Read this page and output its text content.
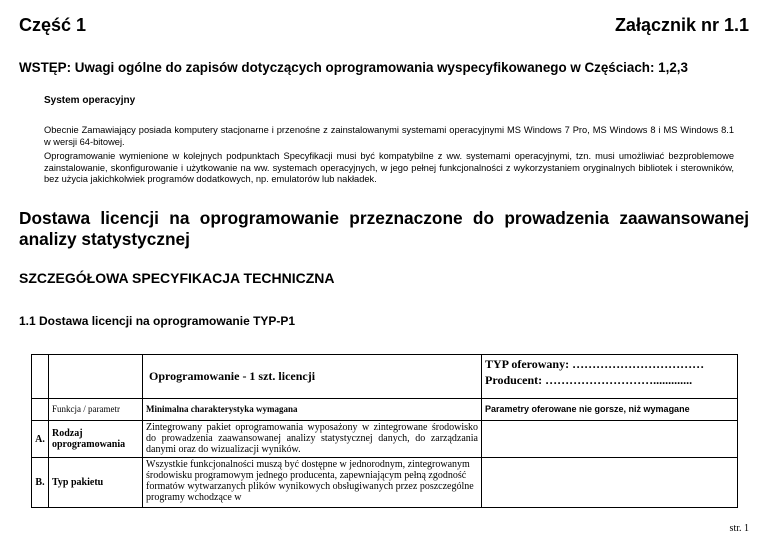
Część 1	Załącznik nr 1.1
WSTĘP: Uwagi ogólne do zapisów dotyczących oprogramowania wyspecyfikowanego w Częściach: 1,2,3
System operacyjny
Obecnie Zamawiający posiada komputery stacjonarne i przenośne z zainstalowanymi systemami operacyjnymi MS Windows 7 Pro, MS Windows 8 i MS Windows 8.1 w wersji 64-bitowej.
Oprogramowanie wymienione w kolejnych podpunktach Specyfikacji musi być kompatybilne z ww. systemami operacyjnymi, tzn. musi umożliwiać bezproblemowe zainstalowanie, skonfigurowanie i użytkowanie na ww. systemach operacyjnych, w jego pełnej funkcjonalności z wykorzystaniem oryginalnych bibliotek i sterowników, bez użycia jakichkolwiek programów dodatkowych, np. emulatorów lub nakładek.
Dostawa licencji na oprogramowanie przeznaczone do prowadzenia zaawansowanej analizy statystycznej
SZCZEGÓŁOWA SPECYFIKACJA TECHNICZNA
1.1 Dostawa licencji na oprogramowanie TYP-P1
		Oprogramowanie - 1 szt. licencji	TYP oferowany: ……………………………
Producent: ……………………….............

	Funkcja / parametr	Minimalna charakterystyka wymagana	Parametry oferowane nie gorsze, niż wymagane
A.	Rodzaj oprogramowania	Zintegrowany pakiet oprogramowania wyposażony w zintegrowane środowisko do prowadzenia zaawansowanej analizy statystycznej danych, do zarządzania danymi oraz do wizualizacji wyników.	
B.	Typ pakietu	Wszystkie funkcjonalności muszą być dostępne w jednorodnym, zintegrowanym środowisku programowym jednego producenta, zapewniającym pełną zgodność formatów wytwarzanych plików wynikowych obsługiwanych przez poszczególne programy wchodzące w	
str. 1
